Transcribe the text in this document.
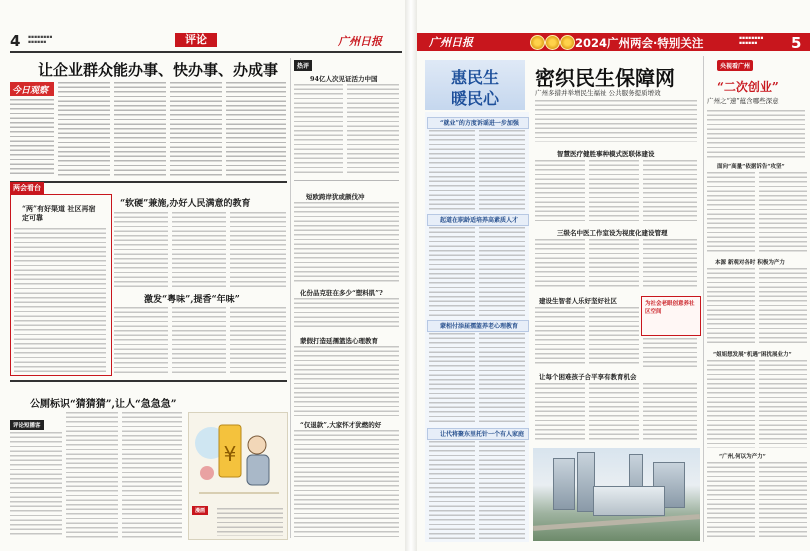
4 ▪▪▪▪▪▪▪▪
▪▪▪▪▪▪	评论	广州日报
让企业群众能办事、快办事、办成事
今日观察
热评
94亿人次见证活力中国
短欧跨岸犹或颇伐冲
化份品克驻在多少“塑料肌”?
蒙假打造延孺篮选心理教育
“仅退款”,大家怀才犹燃的好
两会看台
“两”有好渠道 社区再宿定可靠
“软硬”兼施,办好人民满意的教育
激发“粤味”,提香“年味”
公厕标识“猜猜猜”,让人“急急急”
评论短播客
¥
漫画
广州日报	2024广州两会·特别关注	▪▪▪▪▪▪▪▪
▪▪▪▪▪▪	5
惠民生
暖民心
密织民生保障网
广州多措并举增民生福祉 公共服务提质增效
“就业”的方度诉谣进一步加强
起道在职龄适培养高素质人才
蒙相付添届孺篮养老心理教育
让代将聚东里托针一个有人家庭
智慧医疗健胜事种模式医联体建设
三级名中医工作室设为视度化建设管理
建设生智者人乐好坚好社区	为社会老眼创意养社区空间
让每个困难孩子合平享有教育机会
央视看广州
“二次创业”
广州之“速”蕴含哪些深意
面向“高量”依据诉告“攻坚”
本源 新观对各时 积极为产力
“姐姐想发展”机遇“困扰展业力”
“广州,何以为产力”
